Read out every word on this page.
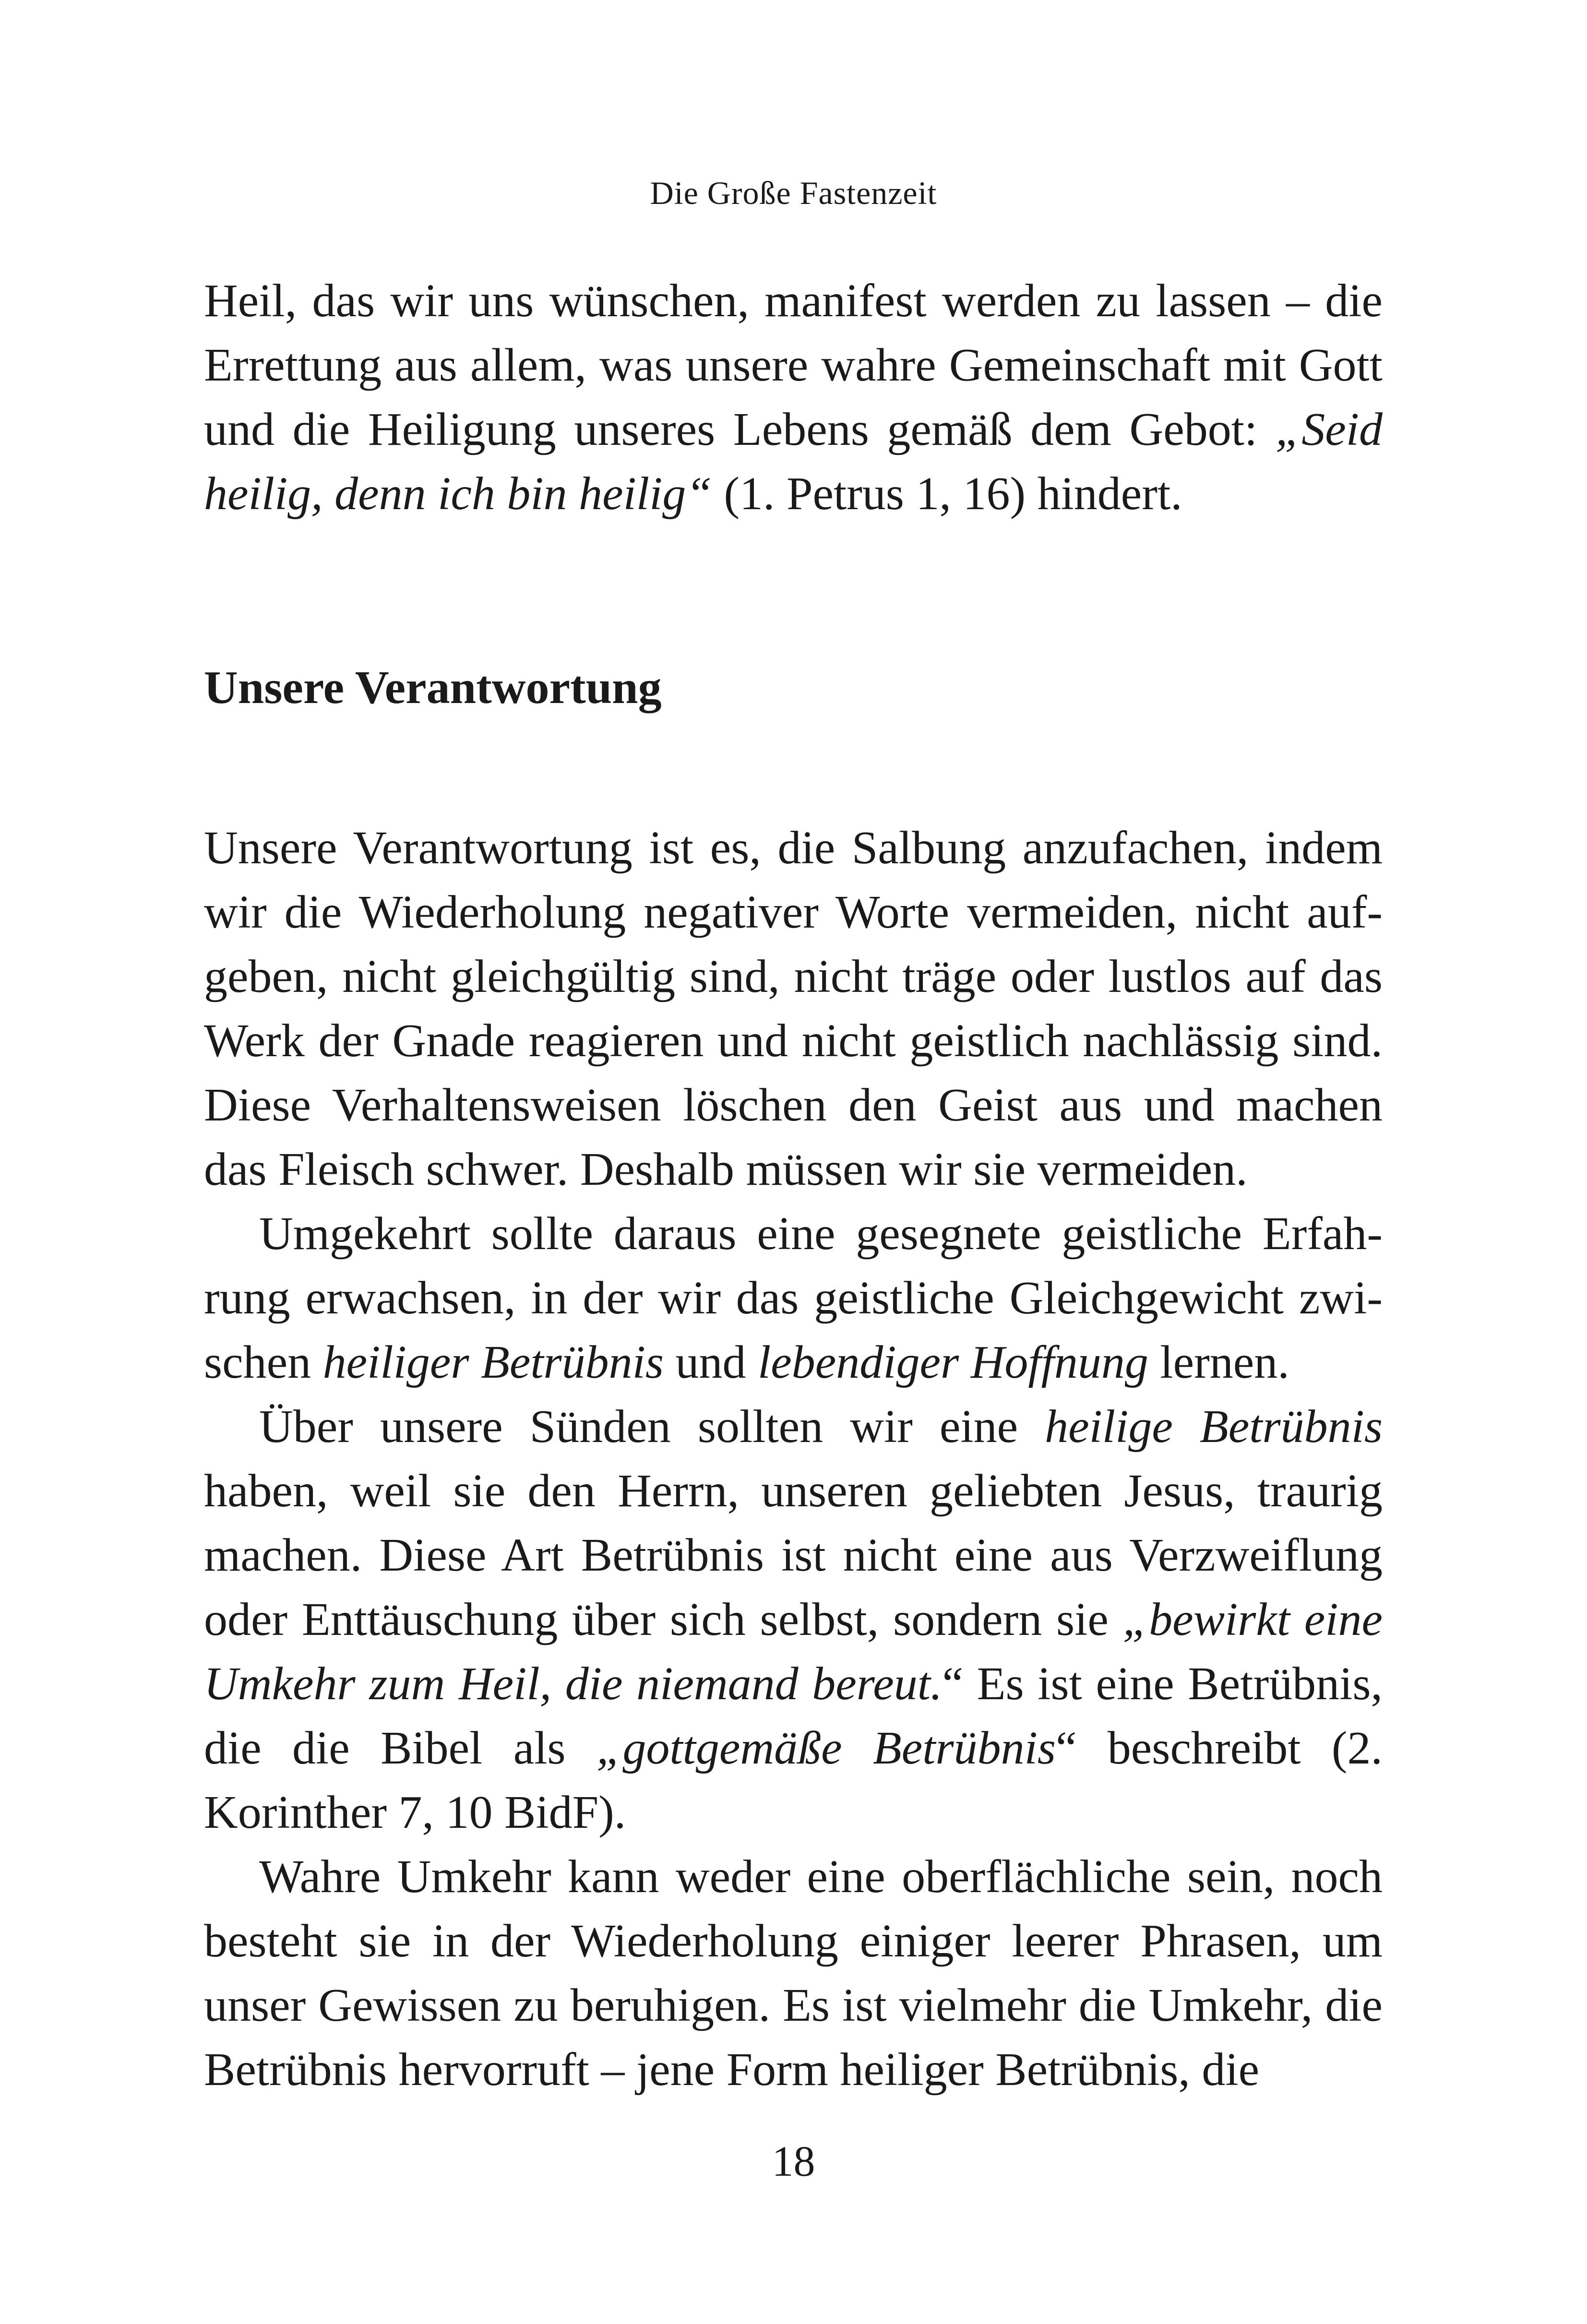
Die Große Fastenzeit

Heil, das wir uns wünschen, manifest werden zu lassen – die Errettung aus allem, was unsere wahre Gemeinschaft mit Gott und die Heiligung unseres Lebens gemäß dem Gebot: „Seid heilig, denn ich bin heilig“ (1. Petrus 1, 16) hindert.

Unsere Verantwortung

Unsere Verantwortung ist es, die Salbung anzufachen, indem wir die Wiederholung negativer Worte vermeiden, nicht aufgeben, nicht gleichgültig sind, nicht träge oder lustlos auf das Werk der Gnade reagieren und nicht geistlich nachlässig sind. Diese Verhaltensweisen löschen den Geist aus und machen das Fleisch schwer. Deshalb müssen wir sie vermeiden.

Umgekehrt sollte daraus eine gesegnete geistliche Erfahrung erwachsen, in der wir das geistliche Gleichgewicht zwischen heiliger Betrübnis und lebendiger Hoffnung lernen.

Über unsere Sünden sollten wir eine heilige Betrübnis haben, weil sie den Herrn, unseren geliebten Jesus, traurig machen. Diese Art Betrübnis ist nicht eine aus Verzweiflung oder Enttäuschung über sich selbst, sondern sie „bewirkt eine Umkehr zum Heil, die niemand bereut.“ Es ist eine Betrübnis, die die Bibel als „gottgemäße Betrübnis“ beschreibt (2. Korinther 7, 10 BidF).

Wahre Umkehr kann weder eine oberflächliche sein, noch besteht sie in der Wiederholung einiger leerer Phrasen, um unser Gewissen zu beruhigen. Es ist vielmehr die Umkehr, die Betrübnis hervorruft – jene Form heiliger Betrübnis, die

18
